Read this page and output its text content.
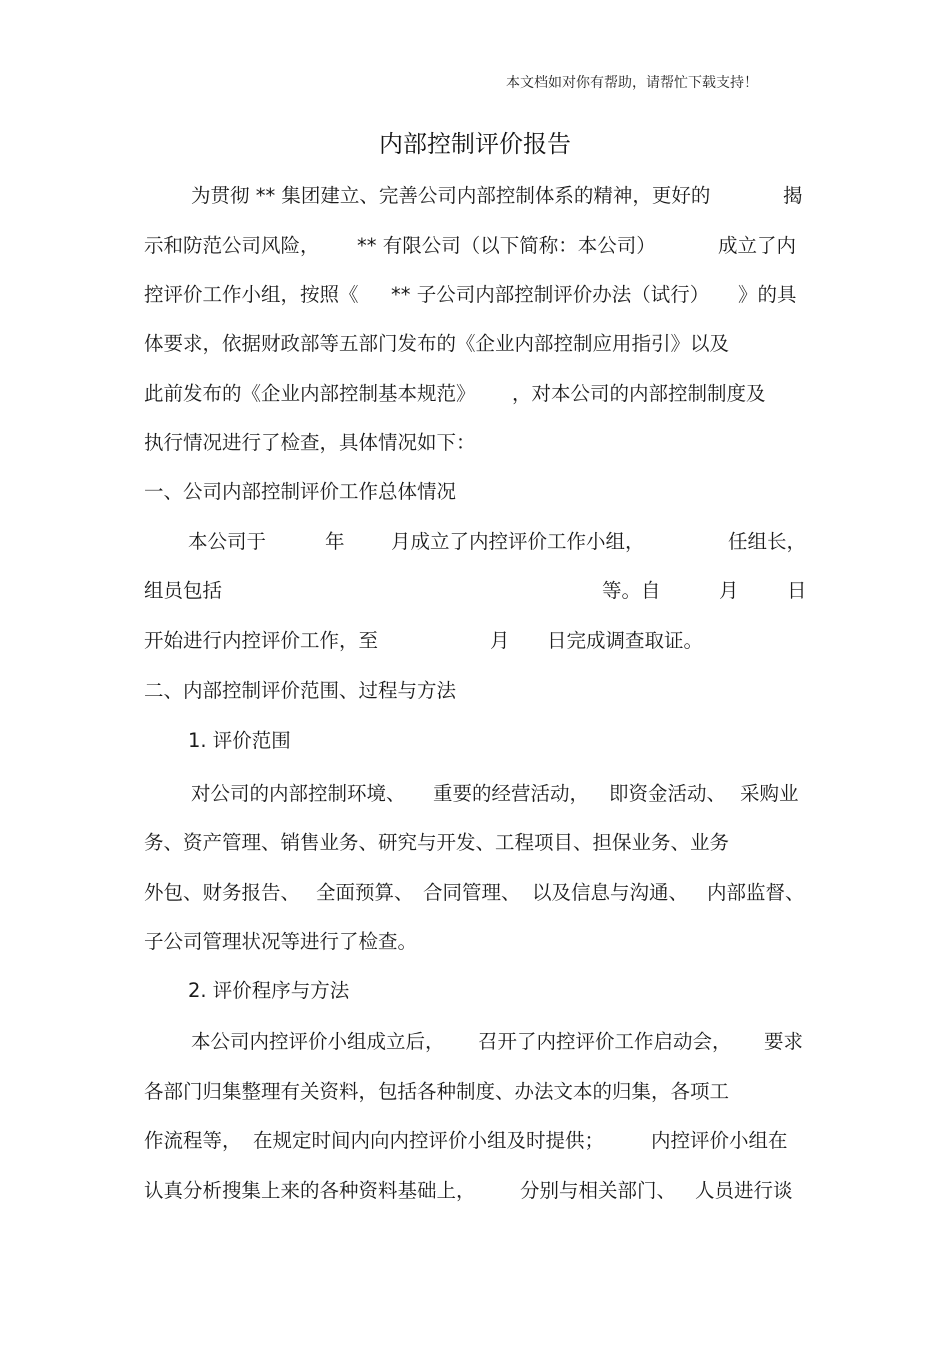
本文档如对你有帮助，请帮忙下载支持！
内部控制评价报告
为贯彻 ** 集团建立、完善公司内部控制体系的精神，更好的	揭
示和防范公司风险， ** 有限公司（以下简称：本公司）	成立了内
控评价工作小组，按照《 ** 子公司内部控制评价办法（试行） 》的具
体要求，依据财政部等五部门发布的《企业内部控制应用指引》以及
此前发布的《企业内部控制基本规范》 ，对本公司的内部控制制度及
执行情况进行了检查，具体情况如下：
一、公司内部控制评价工作总体情况
本公司于	年 月成立了内控评价工作小组，	任组长，
组员包括	等。自	月 日
开始进行内控评价工作，至	月 日完成调查取证。
二、内部控制评价范围、过程与方法
1. 评价范围
对公司的内部控制环境、 重要的经营活动， 即资金活动、 采购业
务、资产管理、销售业务、研究与开发、工程项目、担保业务、业务
外包、财务报告、 全面预算、 合同管理、 以及信息与沟通、 内部监督、
子公司管理状况等进行了检查。
2. 评价程序与方法
本公司内控评价小组成立后， 召开了内控评价工作启动会， 要求
各部门归集整理有关资料，包括各种制度、办法文本的归集，各项工
作流程等， 在规定时间内向内控评价小组及时提供； 内控评价小组在
认真分析搜集上来的各种资料基础上， 分别与相关部门、 人员进行谈
